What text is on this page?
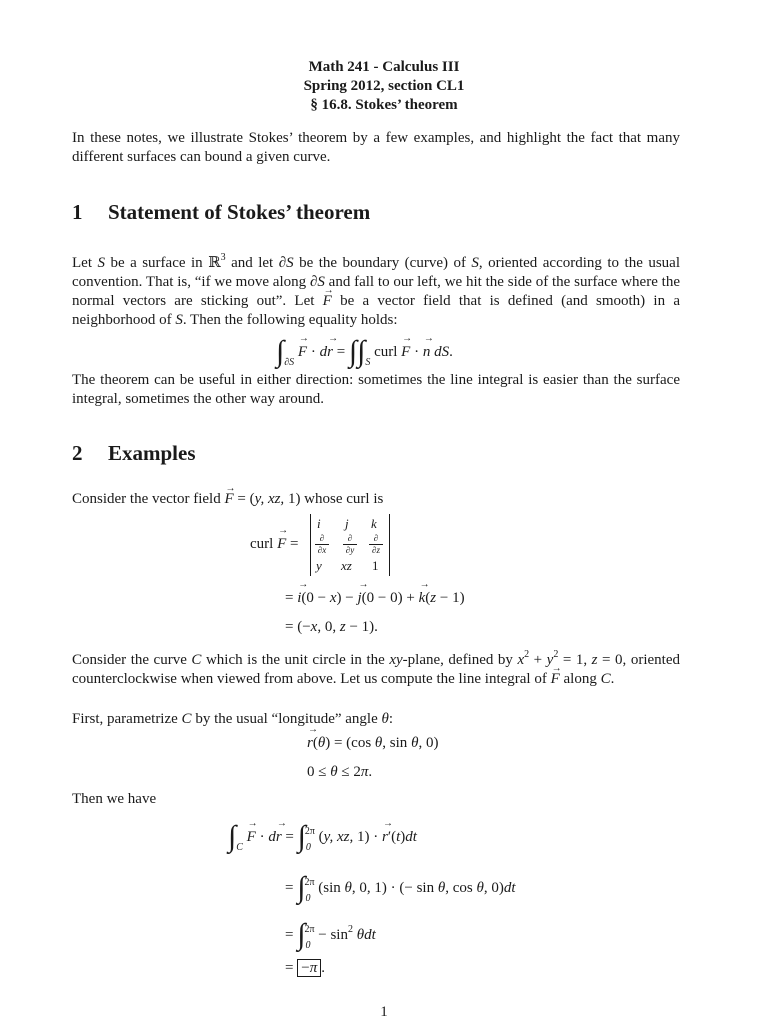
Math 241 - Calculus III
Spring 2012, section CL1
§ 16.8. Stokes’ theorem
In these notes, we illustrate Stokes’ theorem by a few examples, and highlight the fact that many different surfaces can bound a given curve.
1 Statement of Stokes’ theorem
Let S be a surface in ℝ$^3$ and let ∂S be the boundary (curve) of S, oriented according to the usual convention. That is, “if we move along ∂S and fall to our left, we hit the side of the surface where the normal vectors are sticking out”. Let → F be a vector field that is defined (and smooth) in a neighborhood of S. Then the following equality holds:
$\int_{\partial S} \to F \cdot d\to r = \int\int_S$ curl → F · → n dS.
The theorem can be useful in either direction: sometimes the line integral is easier than the surface integral, sometimes the other way around.
2 Examples
Consider the vector field → F = (y, xz, 1) whose curl is
curl → F =
i⃗ j⃗ k⃗
∂
∂x
∂
∂y
∂
∂z
y xz 1
= → i(0 − x) − → j(0 − 0) + → k(z − 1)
= (−x, 0, z − 1).
Consider the curve C which is the unit circle in the xy-plane, defined by $x^2 + y^2 = 1$, z = 0, oriented counterclockwise when viewed from above. Let us compute the line integral of → F along C.
First, parametrize C by the usual “longitude” angle θ:
→ r(θ) = (cos θ, sin θ, 0)
0 ≤ θ ≤ 2π.
Then we have
$\int_C \to F \cdot d\to r = \int_0^{2\pi}$ (y, xz, 1) · → r′(t)dt
= $\int_0^{2\pi}$ (sin θ, 0, 1) · (− sin θ, cos θ, 0)dt
= $\int_0^{2\pi} - \sin^2 \theta dt$
= −π .
1
